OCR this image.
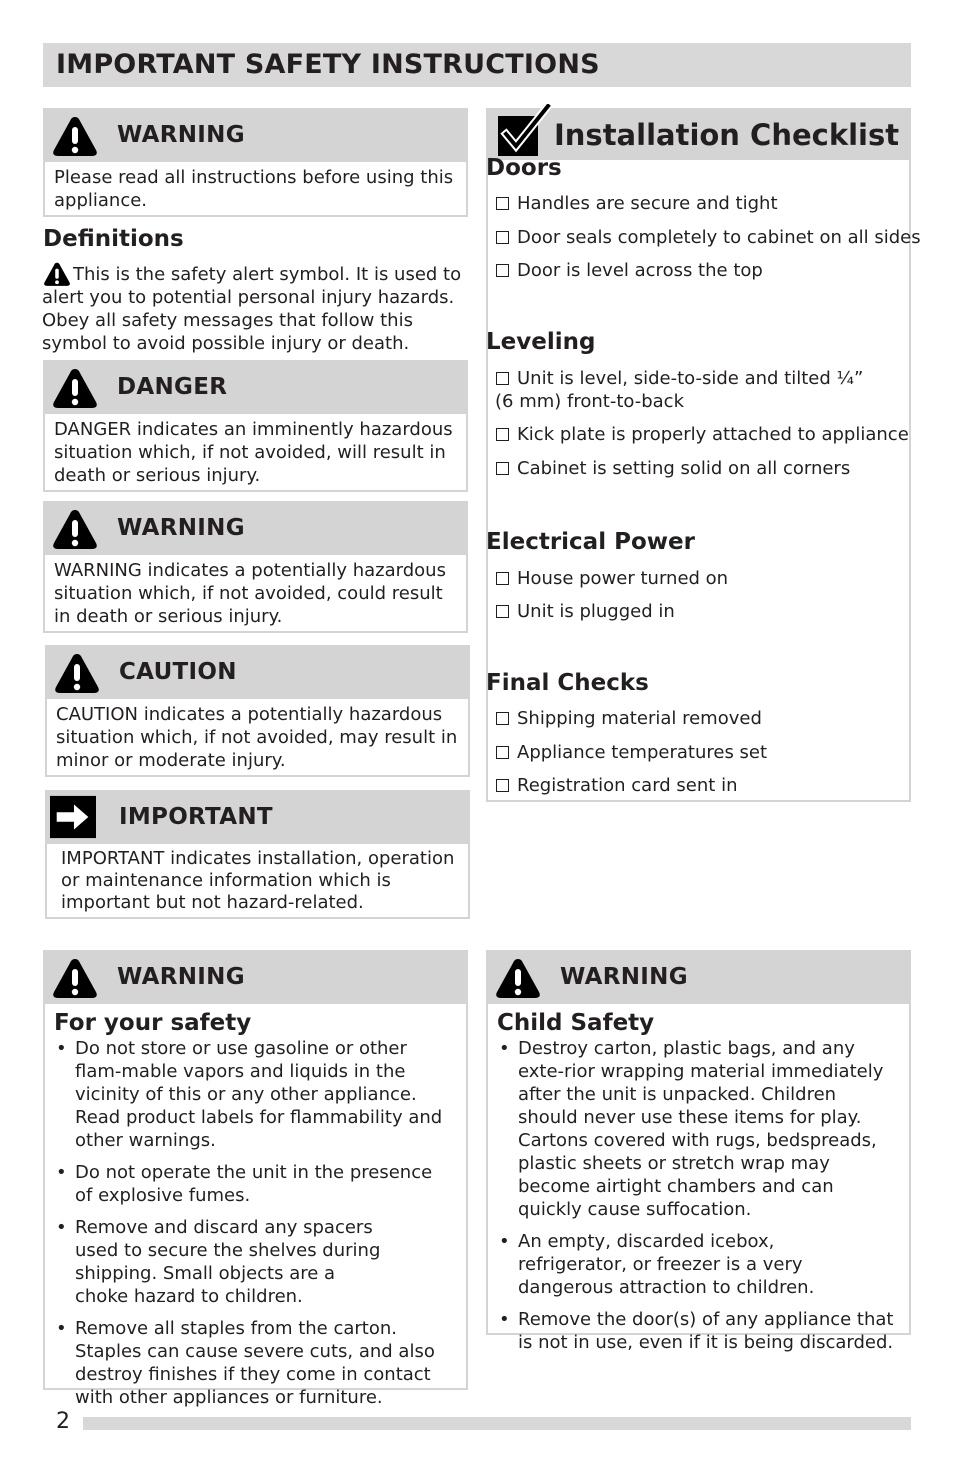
IMPORTANT SAFETY INSTRUCTIONS
WARNING
Please read all instructions before using this appliance.
Definitions
This is the safety alert symbol. It is used to alert you to potential personal injury hazards. Obey all safety messages that follow this symbol to avoid possible injury or death.
DANGER
DANGER indicates an imminently hazardous situation which, if not avoided, will result in death or serious injury.
WARNING
WARNING indicates a potentially hazardous situation which, if not avoided, could result in death or serious injury.
CAUTION
CAUTION indicates a potentially hazardous situation which, if not avoided, may result in minor or moderate injury.
IMPORTANT
IMPORTANT indicates installation, operation or maintenance information which is important but not hazard-related.
Installation Checklist
Doors
Handles are secure and tight
Door seals completely to cabinet on all sides
Door is level across the top
Leveling
Unit is level, side-to-side and tilted ¼”
(6 mm) front-to-back
Kick plate is properly attached to appliance
Cabinet is setting solid on all corners
Electrical Power
House power turned on
Unit is plugged in
Final Checks
Shipping material removed
Appliance temperatures set
Registration card sent in
WARNING
For your safety
• Do not store or use gasoline or other flam-mable vapors and liquids in the vicinity of this or any other appliance. Read product labels for flammability and other warnings.
• Do not operate the unit in the presence of explosive fumes.
• Remove and discard any spacers used to secure the shelves during shipping. Small objects are a choke hazard to children.
• Remove all staples from the carton. Staples can cause severe cuts, and also destroy finishes if they come in contact with other appliances or furniture.
WARNING
Child Safety
• Destroy carton, plastic bags, and any exte-rior wrapping material immediately after the unit is unpacked. Children should never use these items for play. Cartons covered with rugs, bedspreads, plastic sheets or stretch wrap may become airtight chambers and can quickly cause suffocation.
• An empty, discarded icebox, refrigerator, or freezer is a very dangerous attraction to children.
• Remove the door(s) of any appliance that is not in use, even if it is being discarded.
2
